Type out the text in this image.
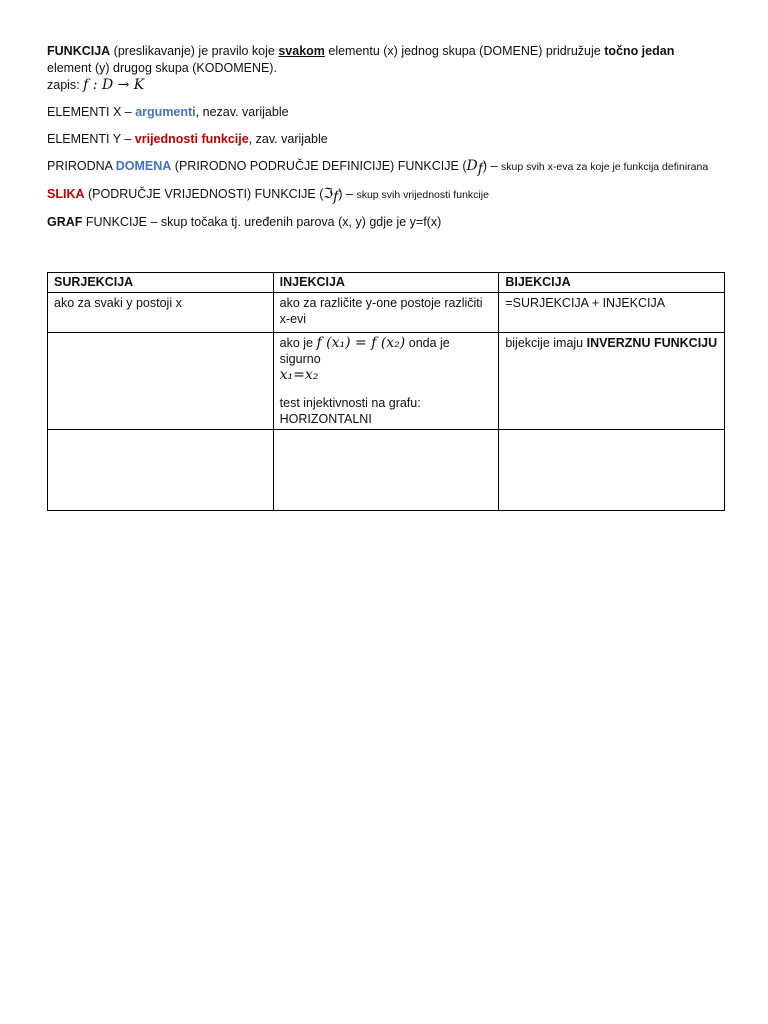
FUNKCIJA (preslikavanje) je pravilo koje svakom elementu (x) jednog skupa (DOMENE) pridružuje točno jedan

element (y) drugog skupa (KODOMENE).

zapis: f : D → K

ELEMENTI X – argumenti, nezav. varijable

ELEMENTI Y – vrijednosti funkcije, zav. varijable

PRIRODNA DOMENA (PRIRODNO PODRUČJE DEFINICIJE) FUNKCIJE $(D_f)$ – skup svih x-eva za koje je funkcija definirana

SLIKA (PODRUČJE VRIJEDNOSTI) FUNKCIJE (ℑ$_f$) – skup svih vrijednosti funkcije

GRAF FUNKCIJE – skup točaka tj. uređenih parova (x, y) gdje je y=f(x)

SURJEKCIJA	INJEKCIJA	BIJEKCIJA
ako za svaki y postoji x	ako za različite y-one postoje različiti x-evi	=SURJEKCIJA + INJEKCIJA

	ako je f (x₁) = f (x₂) onda je sigurno
x₁=x₂
test injektivnosti na grafu:
HORIZONTALNI	bijekcije imaju INVERZNU FUNKCIJU
